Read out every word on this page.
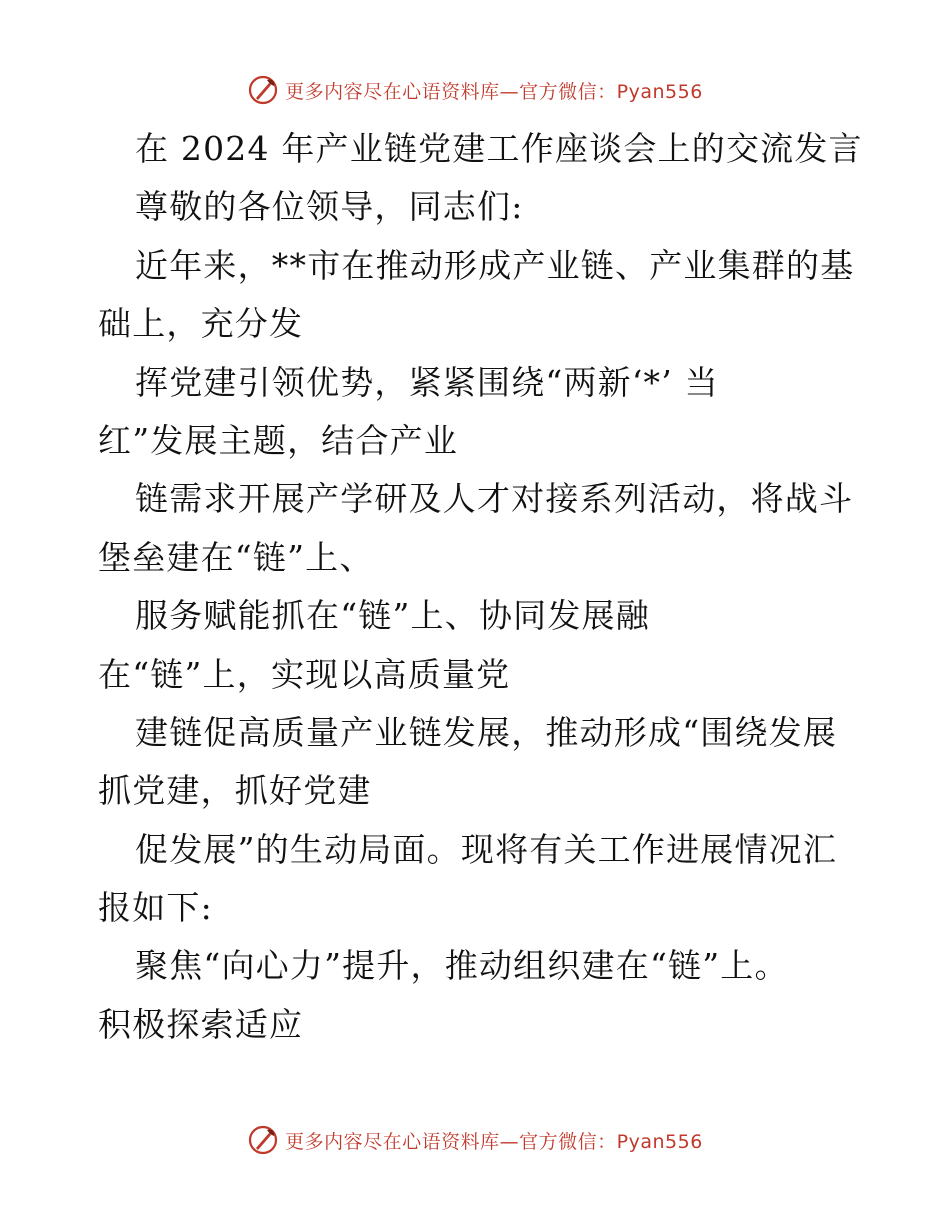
更多内容尽在心语资料库—官方微信：Pyan556
在 2024 年产业链党建工作座谈会上的交流发言
尊敬的各位领导，同志们:
近年来，**市在推动形成产业链、产业集群的基
础上，充分发
挥党建引领优势，紧紧围绕“两新‘*’ 当
红”发展主题，结合产业
链需求开展产学研及人才对接系列活动，将战斗
堡垒建在“链”上、
服务赋能抓在“链”上、协同发展融
在“链”上，实现以高质量党
建链促高质量产业链发展，推动形成“围绕发展
抓党建，抓好党建
促发展”的生动局面。现将有关工作进展情况汇
报如下:
聚焦“向心力”提升，推动组织建在“链”上。
积极探索适应
更多内容尽在心语资料库—官方微信：Pyan556
